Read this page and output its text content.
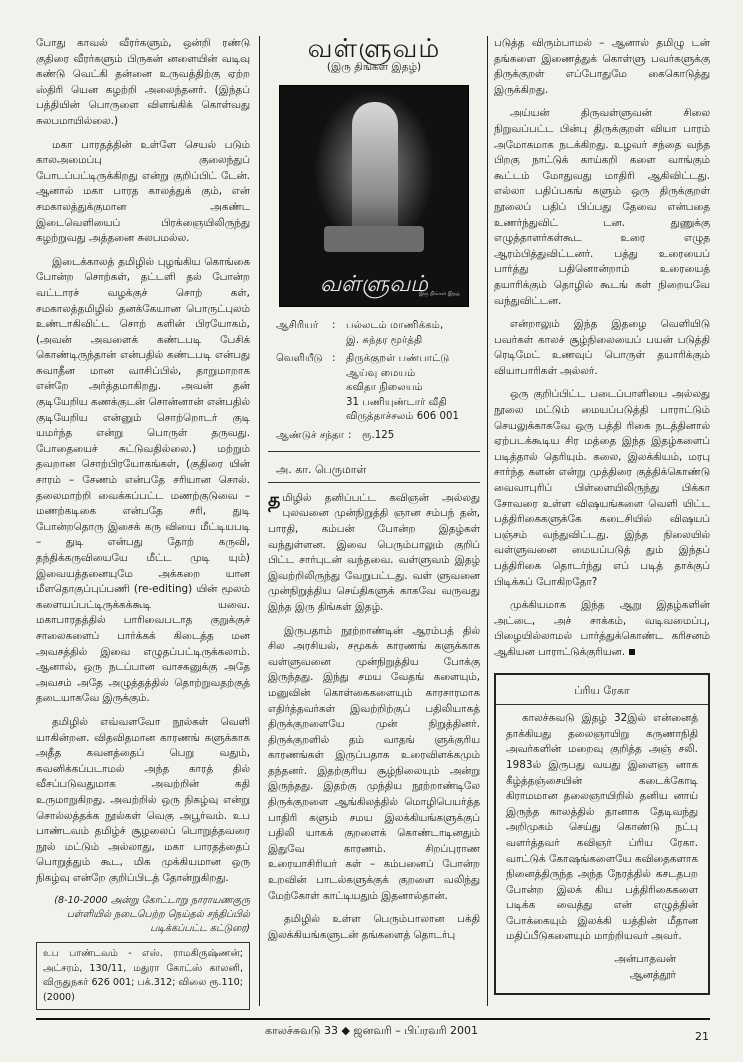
போது காவல் வீரர்களும், ஒன்றி ரண்டு குதிரை வீரர்களும் பிருகன் னளையின் வடிவு கண்டு வெட்கி தன்னை உருவத்திற்கு ஏற்ற ஸ்திரி யென கழற்றி அலைந்தனர். (இந்தப் பத்தியின் பொருளை விளங்கிக் கொள்வது சுலபமாயில்லை.)

மகா பாரதத்தின் உள்ளே செயல் படும் காலஅமைப்பு குலைந்துப் போடப்பட்டிருக்கிறது என்று குறிப்பிட் டேன். ஆனால் மகா பாரத காலத்துக் கும், என் சமகாலத்துக்குமான அகண்ட இடைவெளியைப் பிரக்ஞையிலிருந்து கழற்றுவது அத்தனை சுலபமல்ல.

இடைக்காலத் தமிழில் புழங்கிய கொங்கை போன்ற சொற்கள், தட்டளி தல் போன்ற வட்டாரச் வழக்குச் சொற் கள், சமகாலத்தமிழில் தனக்கேயான பொருட்புலம் உண்டாகிவிட்ட சொற் களின் பிரயோகம், (அவன் அவளைக் கண்டபடி பேசிக் கொண்டிருந்தான் என்பதில் கண்டபடி என்பது சுவாதீன மான வாசிப்பில், தாறுமாறாக என்றே அர்த்தமாகிறது. அவன் தன் குடியேறிய கணக்குடன் சொன்னான் என்பதில் குடியேறிய என்னும் சொற்றொடர் குடி யமர்ந்த என்று பொருள் தருவது. போதையைச் சுட்டுவதில்லை.) மற்றும் தவறான சொற்பிரயோகங்கள், (குதிரை யின் சாரம் – சேணம் என்பதே சரியான சொல். தலைமாற்றி வைக்கப்பட்ட மணற்குடுவை – மணற்கடிகை என்பதே சரி, துடி போன்றதொரு இசைக் கரு வியை மீட்டியபடி – துடி என்பது தோற் கருவி, தந்திக்கருவியையே மீட்ட முடி யும்) இவையத்தனையுமே அக்கறை யான மீளதொகுப்புப்பணி (re-editing) யின் மூலம் களையப்பட்டிருக்கக்கூடி யவை. மகாபாரதத்தில் பாரிவைபடாத குறுக்குச் சாலைகளைப் பார்க்கக் கிடைத்த மன அவசத்தில் இவை எழுதப்பட்டிருக்கலாம். ஆனால், ஒரு நடப்பான வாசகனுக்கு அதே அவசம் அதே அழுத்தத்தில் தொற்றுவதற்குத் தடையாகவே இருக்கும்.

தமிழில் எவ்வளவோ நூல்கள் வெளி யாகின்றன. விதவிதமான காரணங் களுக்காக அதீத கவனத்தைப் பெறு வதும், கவனிக்கப்படாமல் அந்த காரத் தில் வீசப்படுவதுமாக அவற்றின் கதி உருமாறுகிறது. அவற்றில் ஒரு நிகழ்வு என்று சொல்லத்தக்க நூல்கள் வெகு அபூர்வம். உப பாண்டவம் தமிழ்ச் சூழலைப் பொறுத்தவரை நூல் மட்டும் அல்லாது, மகா பாரதத்தைப் பொறுத்தும் கூட, மிக முக்கியமான ஒரு நிகழ்வு என்றே குறிப்பிடத் தோன்றுகிறது.

(8-10-2000 அன்று கோட்டாறு நாராயணகுரு பள்ளியில் நடைபெற்ற நெய்தல் சந்திப்பில் படிக்கப்பட்ட கட்டுரை)
உப பாண்டவம் - எஸ். ராமகிருஷ்ணன்; அட்சரம், 130/11, மதுரா கோட்ஸ் காலனி, விருதுநகர் 626 001; பக்.312; விலை ரூ.110; (2000)
வள்ளுவம்
(இரு திங்கள் இதழ்)
வள்ளுவம்
இரு திங்கள் இதழ்
ஆசிரியர்	:	பல்லடம் மாணிக்கம்,
இ. சுந்தர மூர்த்தி
வெளியீடு :	திருக்குறள் பண்பாட்டு
ஆய்வு மையம்
கவிதா நிலையம்
31 பணியுண்டார் வீதி
விருத்தாச்சலம் 606 001
ஆண்டுச் சந்தா :	ரூ.125
அ. கா. பெருமாள்

தமிழில் தனிப்பட்ட கவிஞன் அல்லது புலவனை முன்நிறுத்தி ஞான சம்பந் தன், பாரதி, கம்பன் போன்ற இதழ்கள் வந்துள்ளன. இவை பெரும்பாலும் குறிப் பிட்ட சார்புடன் வந்தவை. வள்ளுவம் இதழ் இவற்றிலிருந்து வேறுபட்டது. வள் ளுவனை முன்நிறுத்திய செய்திகளுக் காகவே வருவது இந்த இரு திங்கள் இதழ்.

இருபதாம் நூற்றாண்டின் ஆரம்பத் தில் சில அரசியல், சமூகக் காரணங் களுக்காக வள்ளுவனை முன்நிறுத்திய போக்கு இருந்தது. இந்து சமய வேதங் களையும், மனுவின் கொள்கைகளையும் காரசாரமாக எதிர்த்தவர்கள் இவற்றிற்குப் பதிலியாகத் திருக்குறளையே முன் நிறுத்தினர். திருக்குறளில் தம் வாதங் ளுக்குரிய காரணங்கள் இருப்பதாக உரைவிளக்கமும் தந்தனர். இதற்குரிய சூழ்நிலையும் அன்று இருந்தது. இதற்கு முந்திய நூற்றாண்டிலே திருக்குறளை ஆங்கிலத்தில் மொழிபெயர்த்த பாதிரி களும் சமய இலக்கியங்களுக்குப் பதிலி யாகக் குறளைக் கொண்டாடினதும் இதுவே காரணம். சிறப்புராண உரையாசிரியர் கள் – கம்பனைப் போன்ற உறவின் பாடல்களுக்குக் குறளை வலிந்து மேற்கோள் காட்டியதும் இதனால்தான்.

தமிழில் உள்ள பெரும்பாலான பக்தி இலக்கியங்களுடன் தங்களைத் தொடர்பு

படுத்த விரும்பாமல் – ஆனால் தமிழு டன் தங்களை இணைத்துக் கொள்ளு பவர்களுக்கு திருக்குறள் எப்போதுமே கைகொடுத்து இருக்கிறது.

அய்யன் திருவள்ளுவன் சிலை நிறுவப்பட்ட பின்பு திருக்குறள் வியா பாரம் அமோகமாக நடக்கிறது. உழவர் சந்தை வந்த பிறகு நாட்டுக் காய்கறி களை வாங்கும் கூட்டம் மோதுவது மாதிரி ஆகிவிட்டது. எல்லா பதிப்பகங் களும் ஒரு திருக்குறள் நூலைப் பதிப் பிப்பது தேவை என்பதை உணர்ந்துவிட் டன. துணுக்கு எழுத்தாளர்கள்கூட உரை எழுத ஆரம்பித்துவிட்டனர். பத்து உரையைப் பார்த்து பதினொன்றாம் உரையைத் தயாரிக்கும் தொழில் கூடங் கள் நிறையவே வந்துவிட்டன.

என்றாலும் இந்த இதழை வெளியிடு பவர்கள் காலச் சூழ்நிலையைப் பயன் படுத்தி ரெடிமேட் உணவுப் பொருள் தயாரிக்கும் வியாபாரிகள் அல்லர்.

ஒரு குறிப்பிட்ட படைப்பாளியை அல்லது நூலை மட்டும் மையப்படுத்தி பாராட்டும் செயலுக்காகவே ஒரு பத்தி ரிகை நடத்தினால் ஏற்படக்கூடிய சிர மத்தை இந்த இதழ்களைப் படித்தால் தெரியும். கலை, இலக்கியம், மரபு சார்ந்த களன் என்று முத்திரை குத்திக்கொண்டு வைவாபுரிப் பிள்ளையிலிருந்து பிக்கா சோவரை உள்ள விஷயங்களை வெளி யிட்ட பத்திரிகைகளுக்கே கடைசியில் விஷயப் பஞ்சம் வந்துவிட்டது. இந்த நிலையில் வள்ளுவனை மையப்படுத் தும் இந்தப் பத்திரிகை தொடர்ந்து எப் படித் தாக்குப் பிடிக்கப் போகிறதோ?

முக்கியமாக இந்த ஆறு இதழ்களின் அட்டை, அச் சாக்கம், வடிவமைப்பு, பிழையில்லாமல் பார்த்துக்கொண்ட கரிசனம் ஆகியன பாராட்டுக்குரியன.

ப்ரிய ரேகா

காலச்சுவடு இதழ் 32இல் என்னைத் தாக்கியது தலைஞாயிறு கருணாநிதி அவர்களின் மறைவு குறித்த அஞ் சலி. 1983ல் இருபது வயது இளைஞ னாக கீழ்த்தஞ்சையின் கடைக்கோடி கிராமமான தலைஞாயிறில் தனிய னாய் இருந்த காலத்தில் தானாக தேடிவந்து அறிமுகம் செய்து கொண்டு நட்பு வளர்த்தவர் கவிஞர் ப்ரிய ரேகா. வாட்டுக் கோஷங்களையே கவிதைகளாக நினைத்திருந்த அந்த நேரத்தில் கசடதபற போன்ற இலக் கிய பத்திரிகைகளை படிக்க வைத்து என் எழுத்தின் போக்கையும் இலக்கி யத்தின் மீதான மதிப்பீடுகளையும் மாற்றியவர் அவர்.

அன்பாதவன்
ஆனத்தூர்
காலச்சுவடு 33 ◆ ஜனவரி – பிப்ரவரி 2001	21
